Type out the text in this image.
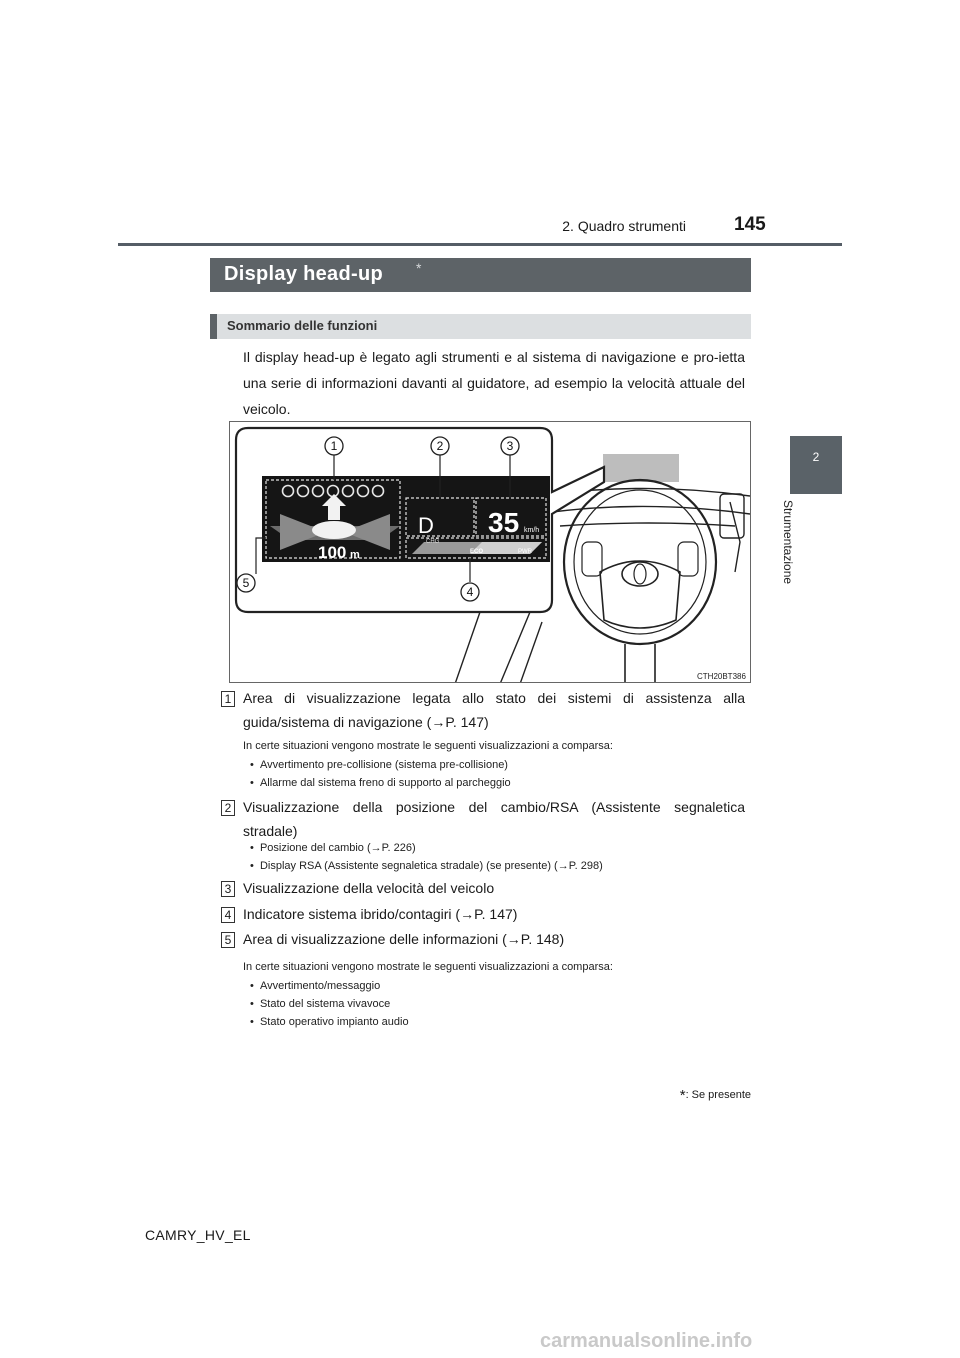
2. Quadro strumenti	145
2
Strumentazione
Display head-up *
Sommario delle funzioni
Il display head-up è legato agli strumenti e al sistema di navigazione e pro-ietta una serie di informazioni davanti al guidatore, ad esempio la velocità attuale del veicolo.
100 m
D 35 km/h
CHG
ECO	PWR
1	2	3
4
5
CTH20BT386
1 Area di visualizzazione legata allo stato dei sistemi di assistenza alla guida/sistema di navigazione (→P. 147)
In certe situazioni vengono mostrate le seguenti visualizzazioni a comparsa:
•  Avvertimento pre-collisione (sistema pre-collisione)
•  Allarme dal sistema freno di supporto al parcheggio
2 Visualizzazione della posizione del cambio/RSA (Assistente segnaletica stradale)
•  Posizione del cambio (→P. 226)
•  Display RSA (Assistente segnaletica stradale) (se presente) (→P. 298)
3 Visualizzazione della velocità del veicolo
4 Indicatore sistema ibrido/contagiri (→P. 147)
5 Area di visualizzazione delle informazioni (→P. 148)
In certe situazioni vengono mostrate le seguenti visualizzazioni a comparsa:
•  Avvertimento/messaggio
•  Stato del sistema vivavoce
•  Stato operativo impianto audio
*: Se presente
CAMRY_HV_EL
carmanualsonline.info
